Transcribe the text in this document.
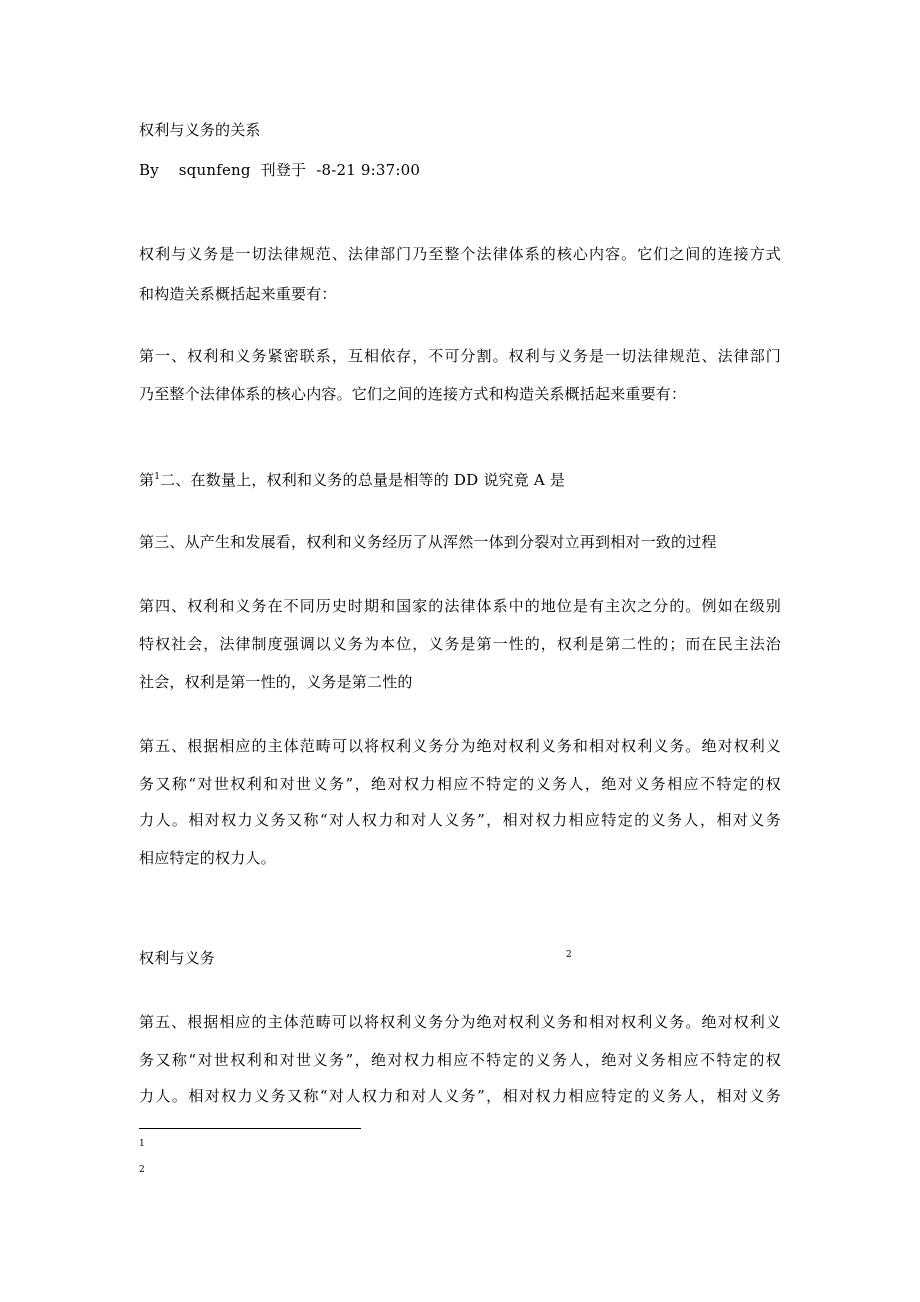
权利与义务的关系
By squnfeng 刊登于 -8-21 9:37:00
权利与义务是一切法律规范、法律部门乃至整个法律体系的核心内容。它们之间的连接方式
和构造关系概括起来重要有：
第一、权利和义务紧密联系，互相依存，不可分割。权利与义务是一切法律规范、法律部门
乃至整个法律体系的核心内容。它们之间的连接方式和构造关系概括起来重要有：
第$^1$二、在数量上，权利和义务的总量是相等的 DD 说究竟 A 是
第三、从产生和发展看，权利和义务经历了从浑然一体到分裂对立再到相对一致的过程
第四、权利和义务在不同历史时期和国家的法律体系中的地位是有主次之分的。例如在级别
特权社会，法律制度强调以义务为本位，义务是第一性的，权利是第二性的；而在民主法治
社会，权利是第一性的，义务是第二性的
第五、根据相应的主体范畴可以将权利义务分为绝对权利义务和相对权利义务。绝对权利义
务又称“对世权利和对世义务”，绝对权力相应不特定的义务人，绝对义务相应不特定的权
力人。相对权力义务又称“对人权力和对人义务”，相对权力相应特定的义务人，相对义务
相应特定的权力人。
权利与义务	2
第五、根据相应的主体范畴可以将权利义务分为绝对权利义务和相对权利义务。绝对权利义
务又称“对世权利和对世义务”，绝对权力相应不特定的义务人，绝对义务相应不特定的权
力人。相对权力义务又称“对人权力和对人义务”，相对权力相应特定的义务人，相对义务
1
2
